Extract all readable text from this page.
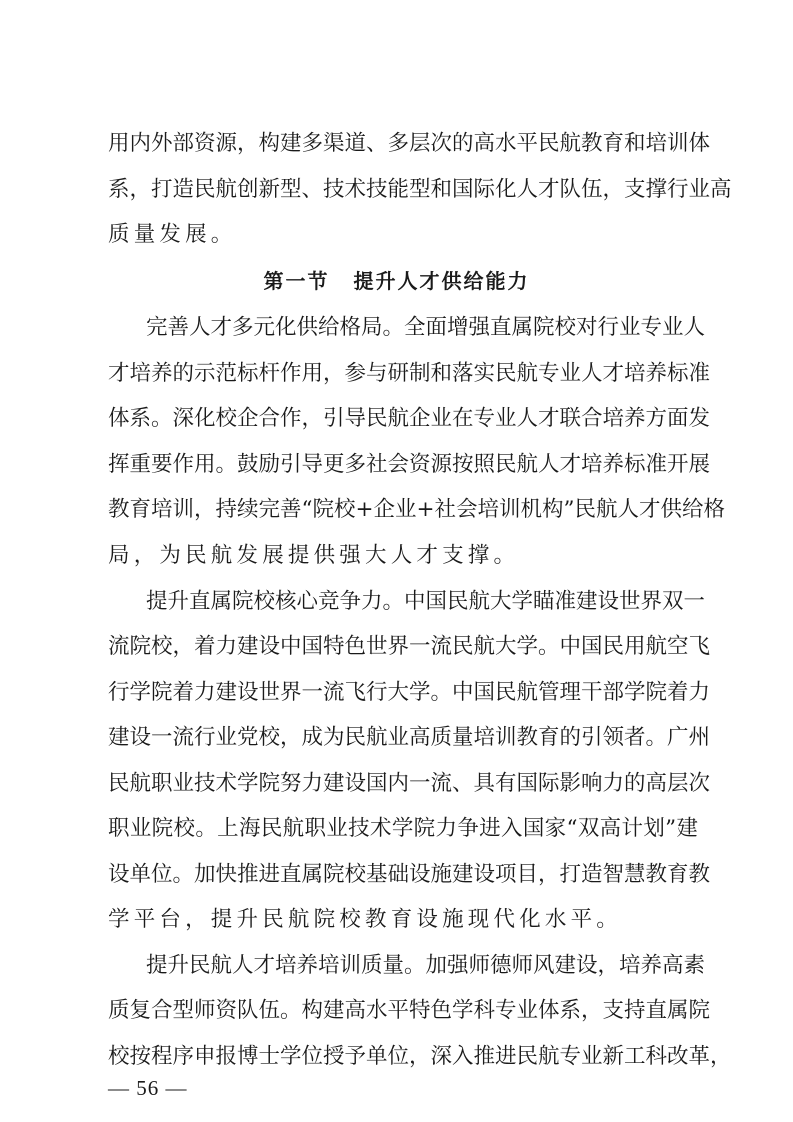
用内外部资源，构建多渠道、多层次的高水平民航教育和培训体
系，打造民航创新型、技术技能型和国际化人才队伍，支撑行业高
质量发展。
第一节 提升人才供给能力
完善人才多元化供给格局。全面增强直属院校对行业专业人
才培养的示范标杆作用，参与研制和落实民航专业人才培养标准
体系。深化校企合作，引导民航企业在专业人才联合培养方面发
挥重要作用。鼓励引导更多社会资源按照民航人才培养标准开展
教育培训，持续完善“院校+企业+社会培训机构”民航人才供给格
局，为民航发展提供强大人才支撑。
提升直属院校核心竞争力。中国民航大学瞄准建设世界双一
流院校，着力建设中国特色世界一流民航大学。中国民用航空飞
行学院着力建设世界一流飞行大学。中国民航管理干部学院着力
建设一流行业党校，成为民航业高质量培训教育的引领者。广州
民航职业技术学院努力建设国内一流、具有国际影响力的高层次
职业院校。上海民航职业技术学院力争进入国家“双高计划”建
设单位。加快推进直属院校基础设施建设项目，打造智慧教育教
学平台，提升民航院校教育设施现代化水平。
提升民航人才培养培训质量。加强师德师风建设，培养高素
质复合型师资队伍。构建高水平特色学科专业体系，支持直属院
校按程序申报博士学位授予单位，深入推进民航专业新工科改革，
— 56 —
